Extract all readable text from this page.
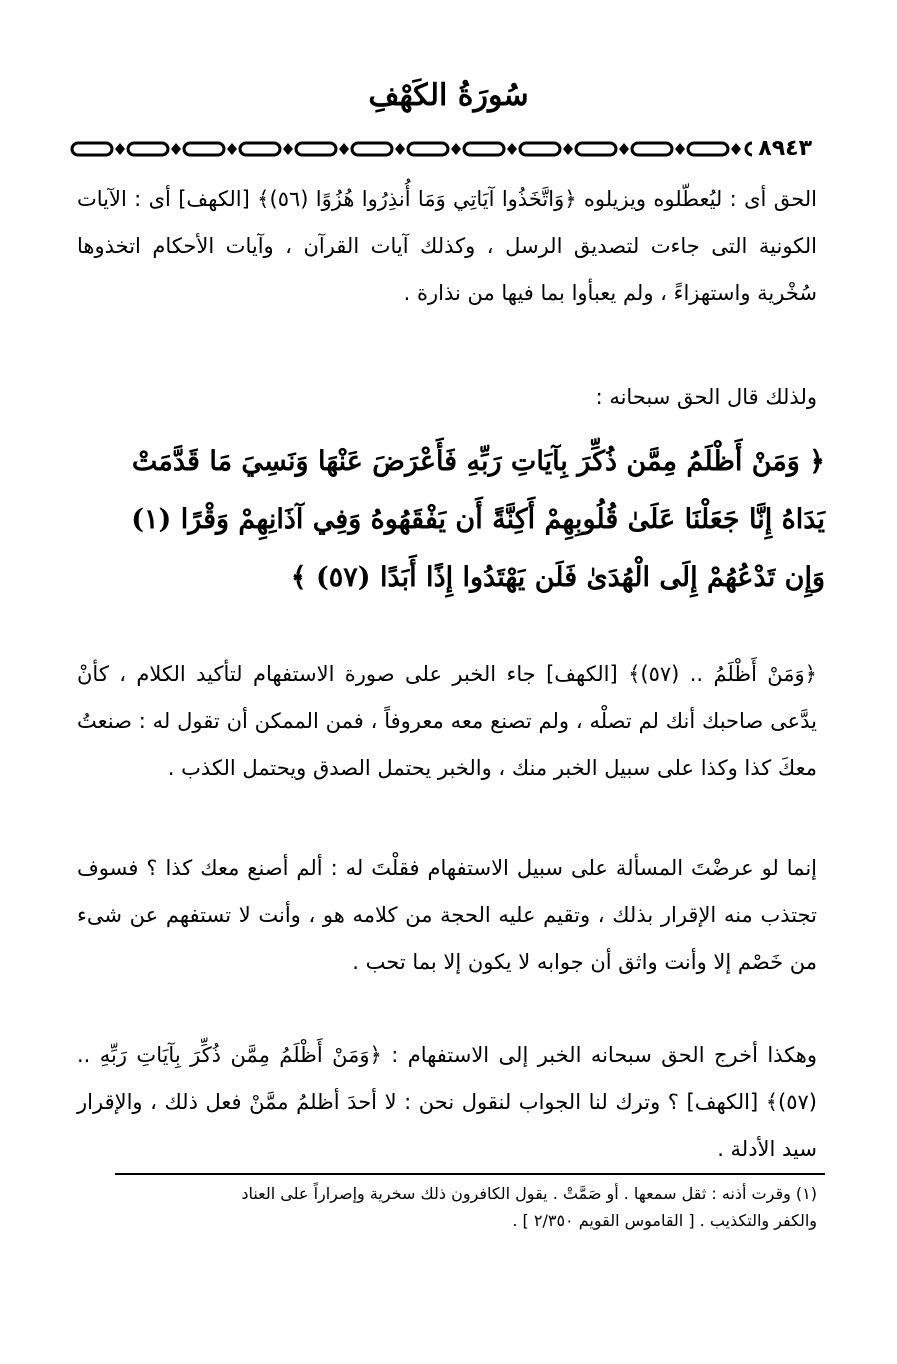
سُورَةُ الكَهْفِ
٨٩٤٣

الحق أى : ليُعطّلوه ويزيلوه ﴿وَاتَّخَذُوا آيَاتِي وَمَا أُنذِرُوا هُزُوًا (٥٦)﴾ [الكهف] أى : الآيات الكونية التى جاءت لتصديق الرسل ، وكذلك آيات القرآن ، وآيات الأحكام اتخذوها سُخْرية واستهزاءً ، ولم يعبأوا بما فيها من نذارة .

ولذلك قال الحق سبحانه :

﴿ وَمَنْ أَظْلَمُ مِمَّن ذُكِّرَ بِآيَاتِ رَبِّهِ فَأَعْرَضَ عَنْهَا وَنَسِيَ مَا قَدَّمَتْ
يَدَاهُ إِنَّا جَعَلْنَا عَلَىٰ قُلُوبِهِمْ أَكِنَّةً أَن يَفْقَهُوهُ وَفِي آذَانِهِمْ وَقْرًا (١)
وَإِن تَدْعُهُمْ إِلَى الْهُدَىٰ فَلَن يَهْتَدُوا إِذًا أَبَدًا (٥٧) ﴾

﴿وَمَنْ أَظْلَمُ .. (٥٧)﴾ [الكهف] جاء الخبر على صورة الاستفهام لتأكيد الكلام ، كأنْ يدَّعى صاحبك أنك لم تصلْه ، ولم تصنع معه معروفاً ، فمن الممكن أن تقول له : صنعتُ معكَ كذا وكذا على سبيل الخبر منك ، والخبر يحتمل الصدق ويحتمل الكذب .

إنما لو عرضْتَ المسألة على سبيل الاستفهام فقلْتَ له : ألم أصنع معك كذا ؟ فسوف تجتذب منه الإقرار بذلك ، وتقيم عليه الحجة من كلامه هو ، وأنت لا تستفهم عن شىء من خَصْم إلا وأنت واثق أن جوابه لا يكون إلا بما تحب .

وهكذا أخرج الحق سبحانه الخبر إلى الاستفهام : ﴿وَمَنْ أَظْلَمُ مِمَّن ذُكِّرَ بِآيَاتِ رَبِّهِ .. (٥٧)﴾ [الكهف] ؟ وترك لنا الجواب لنقول نحن : لا أحدَ أظلمُ ممَّنْ فعل ذلك ، والإقرار سيد الأدلة .

(١) وقرت أذنه : ثقل سمعها . أو صَمَّتْ . يقول الكافرون ذلك سخرية وإصراراً على العناد

والكفر والتكذيب . [ القاموس القويم ٢/٣٥٠ ] .
